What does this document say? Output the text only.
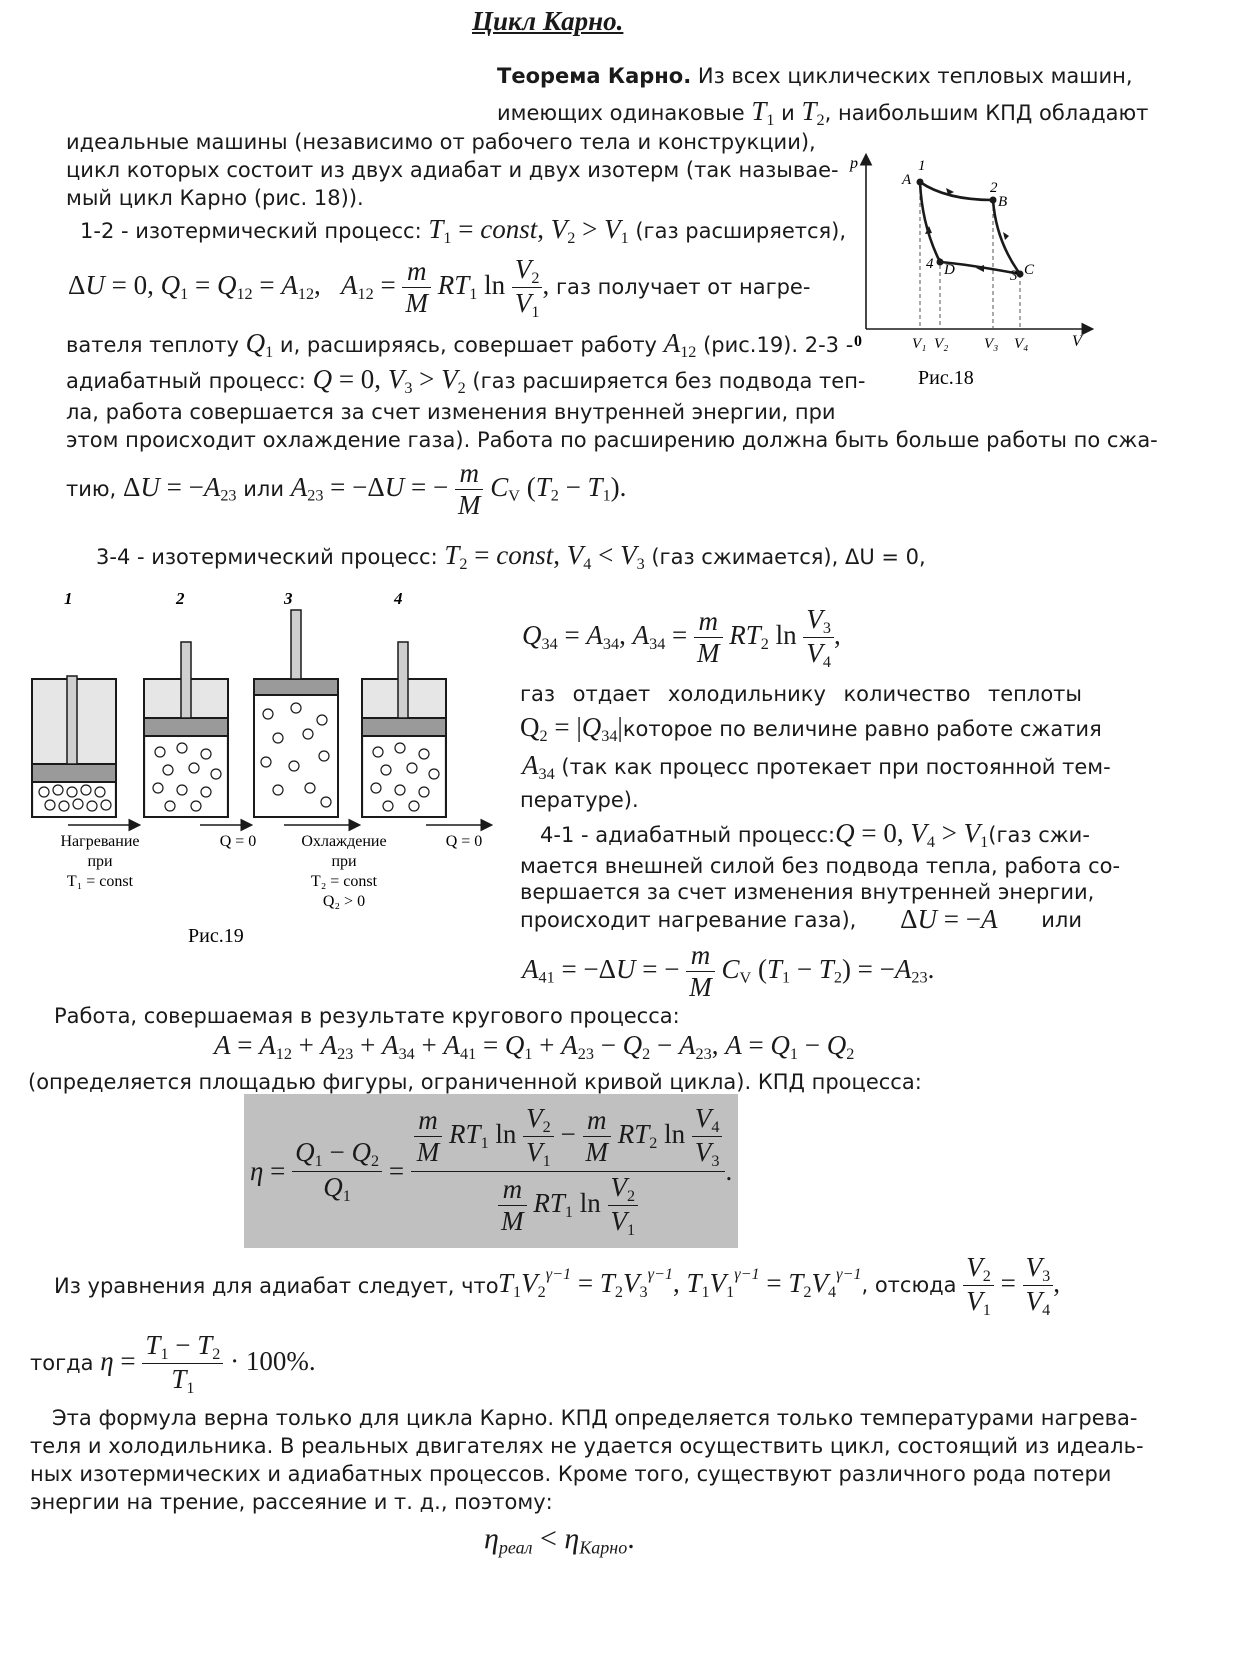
Цикл Карно.
Теорема Карно. Из всех циклических тепловых машин,
имеющих одинаковые $T_1$ и $T_2$, наибольшим КПД обладают
идеальные машины (независимо от рабочего тела и конструкции),
цикл которых состоит из двух адиабат и двух изотерм (так называе-
мый цикл Карно (рис. 18)).
1-2 - изотермический процесс: $T_1$ = const, $V_2 > V_1$ (газ расширяется),
ΔU = 0, $Q_1 = Q_{12} = A_{12}$,   $A_{12} = \frac{m}{M} RT_1$ $\ln \frac{V_2}{V_1}$ , газ получает от нагре-
вателя теплоту $Q_1$ и, расширяясь, совершает работу $A_{12}$ (рис.19). 2-3 -
адиабатный процесс: Q = 0, $V_3 > V_2$ (газ расширяется без подвода теп-
ла, работа совершается за счет изменения внутренней энергии, при
этом происходит охлаждение газа). Работа по расширению должна быть больше работы по сжа-
тию, $\Delta U = -A_{23}$ или $A_{23} = -\Delta U$ = − $\frac{m}{M} C_V$ $(T_2 - T_1)$.
3-4 - изотермический процесс: $T_2$ = const, $V_4 < V_3$ (газ сжимается), ΔU = 0,
p
V
0
1
A	2
B
3 C
4 D
V₁ V₂ V₃ V₄
Рис.18
1	2	3	4
Нагревание
при
T₁ = const
Q = 0	Охлаждение
при
T₂ = const
Q₂ > 0
Q = 0
Рис.19
$Q_{34} = A_{34}$, $A_{34} = \frac{m}{M} RT_2$ $\ln \frac{V_3}{V_4}$ ,
газ отдает холодильнику количество теплоты
$Q_2 = |Q_{34}|$ которое по величине равно работе сжатия
$A_{34}$ (так как процесс протекает при постоянной тем-
пературе).
4-1 - адиабатный процесс: Q = 0, $V_4 > V_1$ (газ сжи-
мается внешней силой без подвода тепла, работа со-
вершается за счет изменения внутренней энергии,
происходит нагревание газа), ΔU = −A или
$A_{41} = -\Delta U$ = − $\frac{m}{M} C_V$ $(T_1 - T_2) = -A_{23}$.
Работа, совершаемая в результате кругового процесса:
$A = A_{12} + A_{23} + A_{34} + A_{41} = Q_1 + A_{23} - Q_2 - A_{23}$, $A = Q_1 - Q_2$
(определяется площадью фигуры, ограниченной кривой цикла). КПД процесса:
$\eta = \frac{Q_1 - Q_2}{Q_1}$ =
$\frac{m}{M} RT_1$ $\ln \frac{V_2}{V_1} - \frac{m}{M} RT_2$ $\ln \frac{V_4}{V_3}$
$\frac{m}{M} RT_1$ $\ln \frac{V_2}{V_1}$
.
Из уравнения для адиабат следует, что $T_1V_2^{\gamma-1} = T_2V_3^{\gamma-1}$, $T_1V_1^{\gamma-1} = T_2V_4^{\gamma-1}$, отсюда $\frac{V_2}{V_1} = \frac{V_3}{V_4}$ ,
тогда $\eta = \frac{T_1 - T_2}{T_1} \cdot 100\%$.
Эта формула верна только для цикла Карно. КПД определяется только температурами нагрева-
теля и холодильника. В реальных двигателях не удается осуществить цикл, состоящий из идеаль-
ных изотермических и адиабатных процессов. Кроме того, существуют различного рода потери
энергии на трение, рассеяние и т. д., поэтому:
$\eta_{реал} < \eta_{Карно}$.
